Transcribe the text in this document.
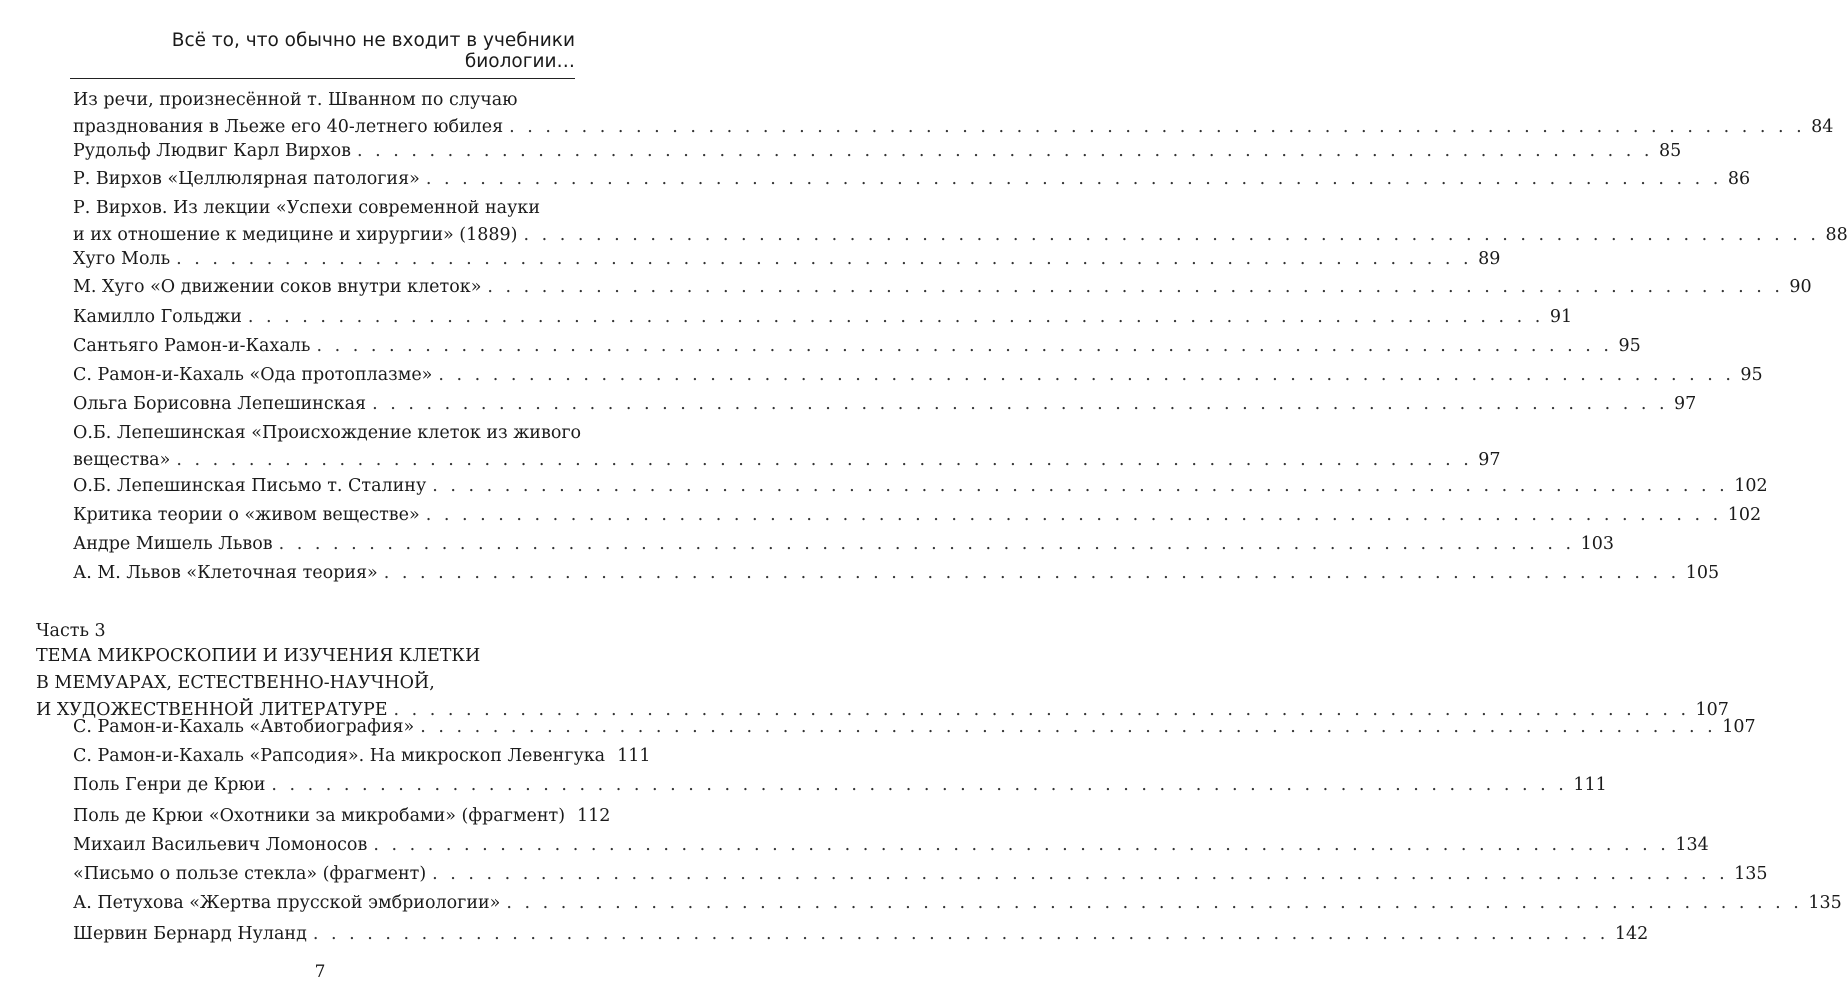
Всё то, что обычно не входит в учебники биологии…
Из речи, произнесённой т. Шванном по случаю
празднования в Льеже его 40-летнего юбилея . . . . . . . . . . . . . . . . . . . . . . . . . . . . . . . . . . . . . . . . . . . . . . . . . . . . . . . . . . . . . . . . . . . . . . . . 84
Рудольф Людвиг Карл Вирхов . . . . . . . . . . . . . . . . . . . . . . . . . . . . . . . . . . . . . . . . . . . . . . . . . . . . . . . . . . . . . . . . . . . . . . . . 85
Р. Вирхов «Целлюлярная патология» . . . . . . . . . . . . . . . . . . . . . . . . . . . . . . . . . . . . . . . . . . . . . . . . . . . . . . . . . . . . . . . . . . . . . . . . 86
Р. Вирхов. Из лекции «Успехи современной науки
и их отношение к медицине и хирургии» (1889) . . . . . . . . . . . . . . . . . . . . . . . . . . . . . . . . . . . . . . . . . . . . . . . . . . . . . . . . . . . . . . . . . . . . . . . . 88
Хуго Моль . . . . . . . . . . . . . . . . . . . . . . . . . . . . . . . . . . . . . . . . . . . . . . . . . . . . . . . . . . . . . . . . . . . . . . . . 89
М. Хуго «О движении соков внутри клеток» . . . . . . . . . . . . . . . . . . . . . . . . . . . . . . . . . . . . . . . . . . . . . . . . . . . . . . . . . . . . . . . . . . . . . . . . 90
Камилло Гольджи . . . . . . . . . . . . . . . . . . . . . . . . . . . . . . . . . . . . . . . . . . . . . . . . . . . . . . . . . . . . . . . . . . . . . . . . 91
Сантьяго Рамон-и-Кахаль . . . . . . . . . . . . . . . . . . . . . . . . . . . . . . . . . . . . . . . . . . . . . . . . . . . . . . . . . . . . . . . . . . . . . . . . 95
С. Рамон-и-Кахаль «Ода протоплазме» . . . . . . . . . . . . . . . . . . . . . . . . . . . . . . . . . . . . . . . . . . . . . . . . . . . . . . . . . . . . . . . . . . . . . . . . 95
Ольга Борисовна Лепешинская . . . . . . . . . . . . . . . . . . . . . . . . . . . . . . . . . . . . . . . . . . . . . . . . . . . . . . . . . . . . . . . . . . . . . . . . 97
О.Б. Лепешинская «Происхождение клеток из живого
вещества» . . . . . . . . . . . . . . . . . . . . . . . . . . . . . . . . . . . . . . . . . . . . . . . . . . . . . . . . . . . . . . . . . . . . . . . . 97
О.Б. Лепешинская Письмо т. Сталину . . . . . . . . . . . . . . . . . . . . . . . . . . . . . . . . . . . . . . . . . . . . . . . . . . . . . . . . . . . . . . . . . . . . . . . . 102
Критика теории о «живом веществе» . . . . . . . . . . . . . . . . . . . . . . . . . . . . . . . . . . . . . . . . . . . . . . . . . . . . . . . . . . . . . . . . . . . . . . . . 102
Андре Мишель Львов . . . . . . . . . . . . . . . . . . . . . . . . . . . . . . . . . . . . . . . . . . . . . . . . . . . . . . . . . . . . . . . . . . . . . . . . 103
А. М. Львов «Клеточная теория» . . . . . . . . . . . . . . . . . . . . . . . . . . . . . . . . . . . . . . . . . . . . . . . . . . . . . . . . . . . . . . . . . . . . . . . . 105
Часть 3
ТЕМА МИКРОСКОПИИ И ИЗУЧЕНИЯ КЛЕТКИ
В МЕМУАРАХ, ЕСТЕСТВЕННО-НАУЧНОЙ,
И ХУДОЖЕСТВЕННОЙ ЛИТЕРАТУРЕ . . . . . . . . . . . . . . . . . . . . . . . . . . . . . . . . . . . . . . . . . . . . . . . . . . . . . . . . . . . . . . . . . . . . . . . . 107
С. Рамон-и-Кахаль «Автобиография» . . . . . . . . . . . . . . . . . . . . . . . . . . . . . . . . . . . . . . . . . . . . . . . . . . . . . . . . . . . . . . . . . . . . . . . . 107
С. Рамон-и-Кахаль «Рапсодия». На микроскоп Левенгука 111
Поль Генри де Крюи . . . . . . . . . . . . . . . . . . . . . . . . . . . . . . . . . . . . . . . . . . . . . . . . . . . . . . . . . . . . . . . . . . . . . . . . 111
Поль де Крюи «Охотники за микробами» (фрагмент) 112
Михаил Васильевич Ломоносов . . . . . . . . . . . . . . . . . . . . . . . . . . . . . . . . . . . . . . . . . . . . . . . . . . . . . . . . . . . . . . . . . . . . . . . . 134
«Письмо о пользе стекла» (фрагмент) . . . . . . . . . . . . . . . . . . . . . . . . . . . . . . . . . . . . . . . . . . . . . . . . . . . . . . . . . . . . . . . . . . . . . . . . 135
А. Петухова «Жертва прусской эмбриологии» . . . . . . . . . . . . . . . . . . . . . . . . . . . . . . . . . . . . . . . . . . . . . . . . . . . . . . . . . . . . . . . . . . . . . . . . 135
Шервин Бернард Нуланд . . . . . . . . . . . . . . . . . . . . . . . . . . . . . . . . . . . . . . . . . . . . . . . . . . . . . . . . . . . . . . . . . . . . . . . . 142
7
